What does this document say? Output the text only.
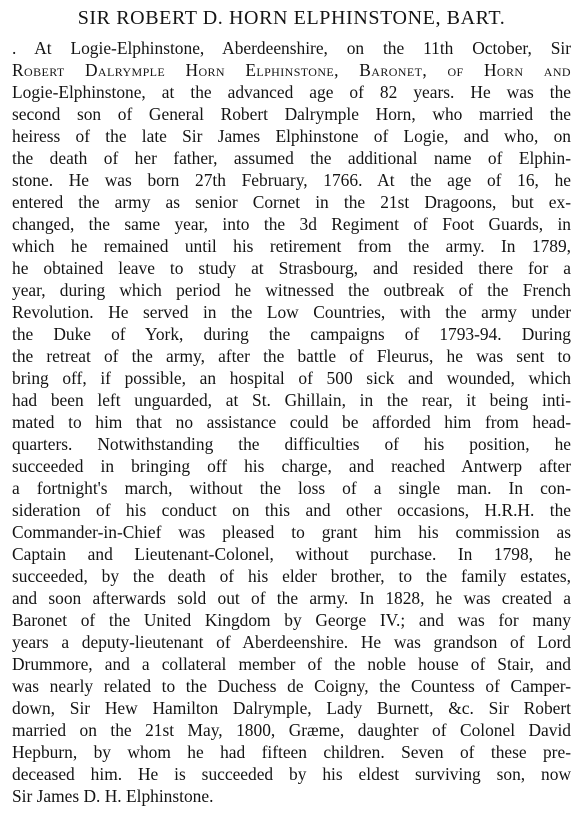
SIR ROBERT D. HORN ELPHINSTONE, BART.
. At Logie-Elphinstone, Aberdeenshire, on the 11th October, Sir
Robert Dalrymple Horn Elphinstone, Baronet, of Horn and
Logie-Elphinstone, at the advanced age of 82 years. He was the
second son of General Robert Dalrymple Horn, who married the
heiress of the late Sir James Elphinstone of Logie, and who, on
the death of her father, assumed the additional name of Elphin-
stone. He was born 27th February, 1766. At the age of 16, he
entered the army as senior Cornet in the 21st Dragoons, but ex-
changed, the same year, into the 3d Regiment of Foot Guards, in
which he remained until his retirement from the army. In 1789,
he obtained leave to study at Strasbourg, and resided there for a
year, during which period he witnessed the outbreak of the French
Revolution. He served in the Low Countries, with the army under
the Duke of York, during the campaigns of 1793-94. During
the retreat of the army, after the battle of Fleurus, he was sent to
bring off, if possible, an hospital of 500 sick and wounded, which
had been left unguarded, at St. Ghillain, in the rear, it being inti-
mated to him that no assistance could be afforded him from head-
quarters. Notwithstanding the difficulties of his position, he
succeeded in bringing off his charge, and reached Antwerp after
a fortnight's march, without the loss of a single man. In con-
sideration of his conduct on this and other occasions, H.R.H. the
Commander-in-Chief was pleased to grant him his commission as
Captain and Lieutenant-Colonel, without purchase. In 1798, he
succeeded, by the death of his elder brother, to the family estates,
and soon afterwards sold out of the army. In 1828, he was created a
Baronet of the United Kingdom by George IV.; and was for many
years a deputy-lieutenant of Aberdeenshire. He was grandson of Lord
Drummore, and a collateral member of the noble house of Stair, and
was nearly related to the Duchess de Coigny, the Countess of Camper-
down, Sir Hew Hamilton Dalrymple, Lady Burnett, &c. Sir Robert
married on the 21st May, 1800, Græme, daughter of Colonel David
Hepburn, by whom he had fifteen children. Seven of these pre-
deceased him. He is succeeded by his eldest surviving son, now
Sir James D. H. Elphinstone.
